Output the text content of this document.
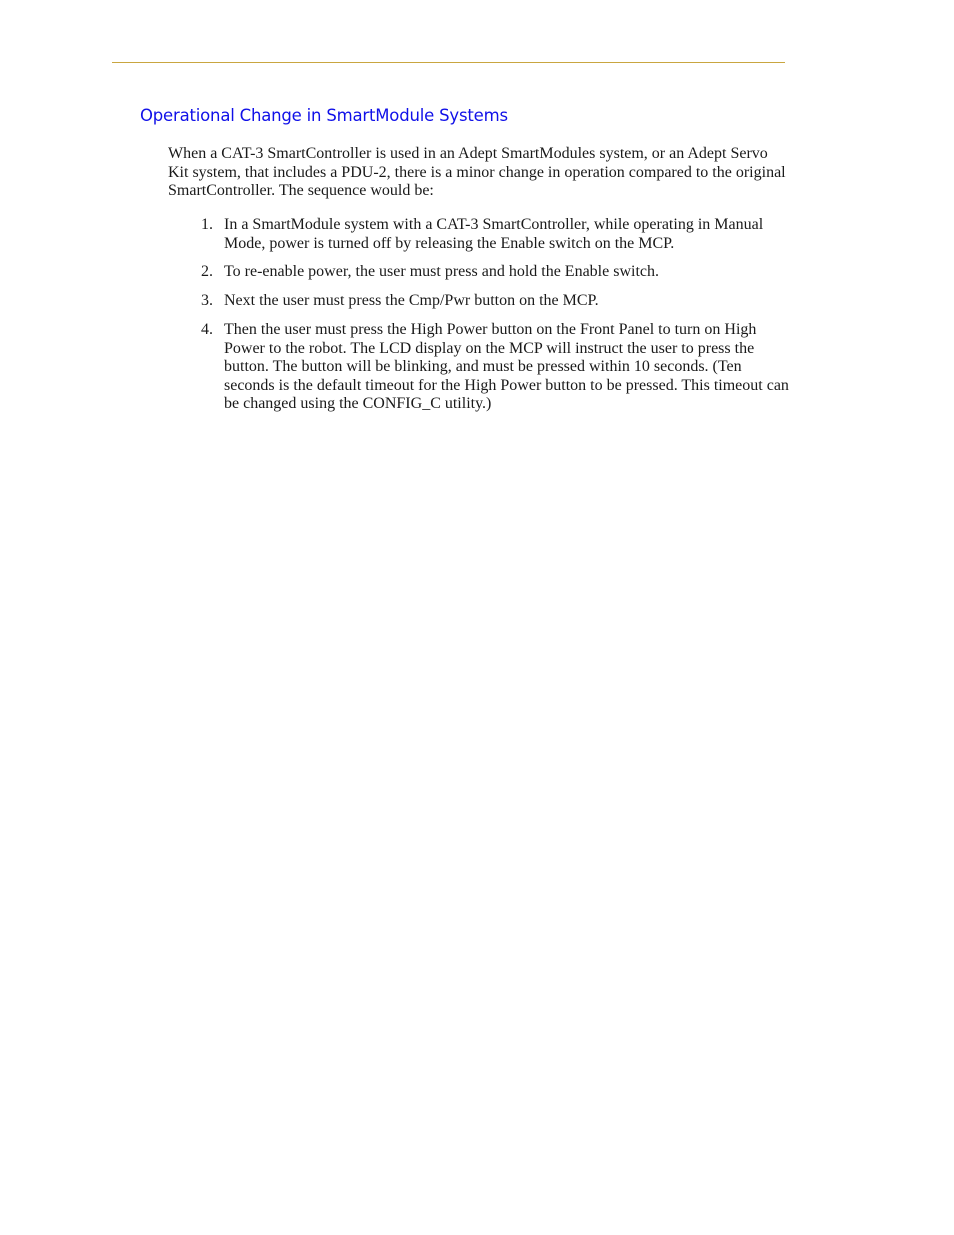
Operational Change in SmartModule Systems

When a CAT-3 SmartController is used in an Adept SmartModules system, or an Adept Servo Kit system, that includes a PDU-2, there is a minor change in operation compared to the original SmartController. The sequence would be:

1. In a SmartModule system with a CAT-3 SmartController, while operating in Manual Mode, power is turned off by releasing the Enable switch on the MCP.
2. To re-enable power, the user must press and hold the Enable switch.
3. Next the user must press the Cmp/Pwr button on the MCP.
4. Then the user must press the High Power button on the Front Panel to turn on High Power to the robot. The LCD display on the MCP will instruct the user to press the button. The button will be blinking, and must be pressed within 10 seconds. (Ten seconds is the default timeout for the High Power button to be pressed. This timeout can be changed using the CONFIG_C utility.)
